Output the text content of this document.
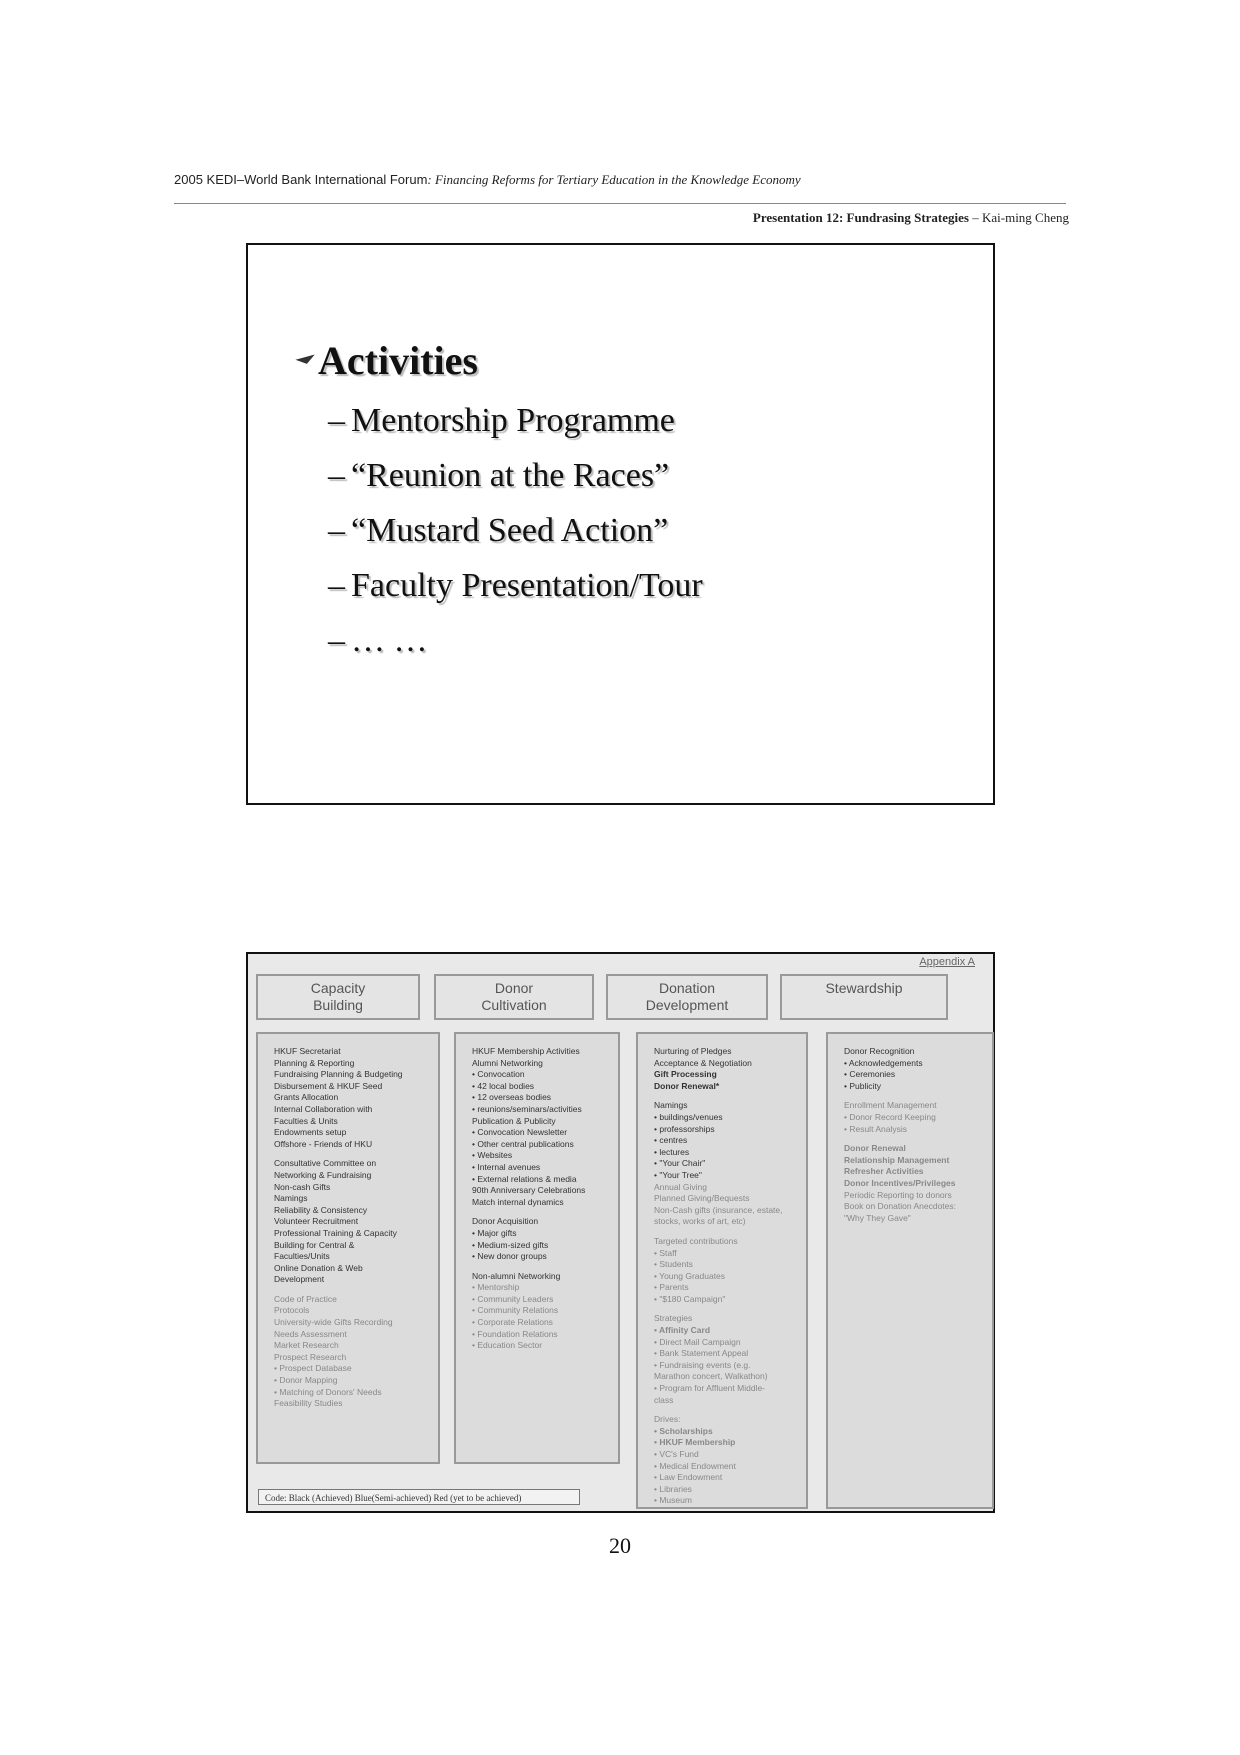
2005 KEDI–World Bank International Forum: Financing Reforms for Tertiary Education in the Knowledge Economy
Presentation 12: Fundrasing Strategies – Kai-ming Cheng
Activities
– Mentorship Programme
– “Reunion at the Races”
– “Mustard Seed Action”
– Faculty Presentation/Tour
– … …
Appendix A
Capacity
Building
Donor
Cultivation
Donation
Development
Stewardship
HKUF Secretariat
Planning & Reporting
Fundraising Planning & Budgeting
Disbursement & HKUF Seed
Grants Allocation
Internal Collaboration with
Faculties & Units
Endowments setup
Offshore - Friends of HKU
Consultative Committee on
Networking & Fundraising
Non-cash Gifts
Namings
Reliability & Consistency
Volunteer Recruitment
Professional Training & Capacity
Building for Central &
Faculties/Units
Online Donation & Web
Development
Code of Practice
Protocols
University-wide Gifts Recording
Needs Assessment
Market Research
Prospect Research
• Prospect Database
• Donor Mapping
• Matching of Donors' Needs
Feasibility Studies
HKUF Membership Activities
Alumni Networking
• Convocation
• 42 local bodies
• 12 overseas bodies
• reunions/seminars/activities
Publication & Publicity
• Convocation Newsletter
• Other central publications
• Websites
• Internal avenues
• External relations & media
90th Anniversary Celebrations
Match internal dynamics
Donor Acquisition
• Major gifts
• Medium-sized gifts
• New donor groups
Non-alumni Networking
• Mentorship
• Community Leaders
• Community Relations
• Corporate Relations
• Foundation Relations
• Education Sector
Nurturing of Pledges
Acceptance & Negotiation
Gift Processing
Donor Renewal*
Namings
• buildings/venues
• professorships
• centres
• lectures
• "Your Chair"
• "Your Tree"
Annual Giving
Planned Giving/Bequests
Non-Cash gifts (insurance, estate,
stocks, works of art, etc)
Targeted contributions
• Staff
• Students
• Young Graduates
• Parents
• "$180 Campaign"
Strategies
• Affinity Card
• Direct Mail Campaign
• Bank Statement Appeal
• Fundraising events (e.g.
Marathon concert, Walkathon)
• Program for Affluent Middle-
class
Drives:
• Scholarships
• HKUF Membership
• VC's Fund
• Medical Endowment
• Law Endowment
• Libraries
• Museum
Donor Recognition
• Acknowledgements
• Ceremonies
• Publicity
Enrollment Management
• Donor Record Keeping
• Result Analysis
Donor Renewal
Relationship Management
Refresher Activities
Donor Incentives/Privileges
Periodic Reporting to donors
Book on Donation Anecdotes:
"Why They Gave"
Code: Black (Achieved) Blue(Semi-achieved) Red (yet to be achieved)
20
